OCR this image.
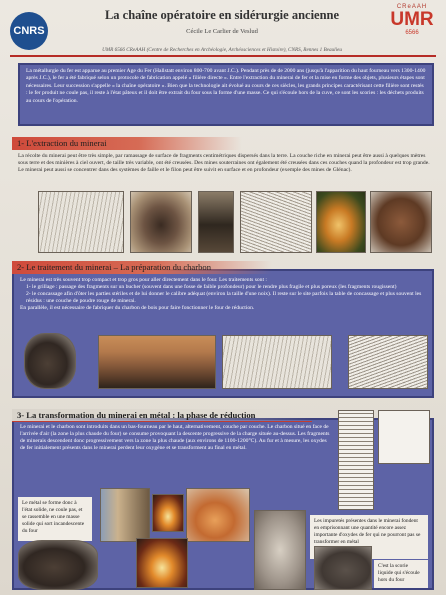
CNRS
CReAAH
UMR
6566
La chaîne opératoire en sidérurgie ancienne
Cécile Le Carlier de Veslud
UMR 6566 CReAAH (Centre de Recherches en Archéologie, Archéosciences et Histoire), CNRS, Rennes 1 Beaulieu
La métallurgie du fer est apparue au premier Age du Fer (Hallstatt environ 800-700 avant J.C.). Pendant près de de 2000 ans (jusqu'à l'apparition du haut fourneau vers 1300-1400 après J.C.), le fer a été fabriqué selon un protocole de fabrication appelé « filière directe ». Entre l'extraction du minerai de fer et la mise en forme des objets, plusieurs étapes sont nécessaires. Leur succession s'appelle « la chaîne opératoire ». Bien que la technologie ait évolué au cours de ces siècles, les grands principes caractérisant cette filière sont restés : le fer produit ne coule pas, il reste à l'état pâteux et il doit être extrait du four sous la forme d'une masse. Ce qui s'écoule hors de la cuve, ce sont les scories : les déchets produits au cours de l'opération.
1- L'extraction du minerai
La récolte du minerai peut être très simple, par ramassage de surface de fragments centimétriques dispersés dans la terre. La couche riche en minerai peut être aussi à quelques mètres sous terre et des minières à ciel ouvert, de taille très variable, ont été creusées. Des mines souterraines ont également été creusées dans ces couches quand la profondeur est trop grande. Le minerai peut aussi se concentrer dans des systèmes de faille et le filon peut être suivit en surface et en profondeur (exemple des mines de Glénac).
Le minerai est très souvent trop compact et trop gros pour aller directement dans le four. Les traitements sont :
1- le grillage : passage des fragments sur un bucher (souvent dans une fosse de faible profondeur) pour le rendre plus fragile et plus poreux (les fragments rougissent)
2- le concassage afin d'ôter les parties stériles et de lui donner le calibre adéquat (environ la taille d'une noix). Il reste sur le site parfois la table de concassage et plus souvent les résidus : une couche de poudre rouge de minerai.
En parallèle, il est nécessaire de fabriquer du charbon de bois pour faire fonctionner le four de réduction.
2- Le traitement du minerai – La préparation du charbon
Le minerai et le charbon sont introduits dans un bas-fourneau par le haut, alternativement, couche par couche. Le charbon situé en face de l'arrivée d'air (la zone la plus chaude du four) se consume provoquant la descente progressive de la charge située au-dessus. Les fragments de minerais descendent donc progressivement vers la zone la plus chaude (aux environs de 1100-1200°C). Au fur et à mesure, les oxydes de fer initialement présents dans le minerai perdent leur oxygène et se transforment au final en métal.
Le métal se forme donc à l'état solide, ne coule pas, et se rassemble en une masse solide qui sort incandescente du four
Les impuretés présentes dans le minerai fondent en emprisonnant une quantité encore assez importante d'oxydes de fer qui ne pourront pas se transformer en métal
C'est la scorie liquide qui s'écoule hors du four
3- La transformation du minerai en métal : la phase de réduction
